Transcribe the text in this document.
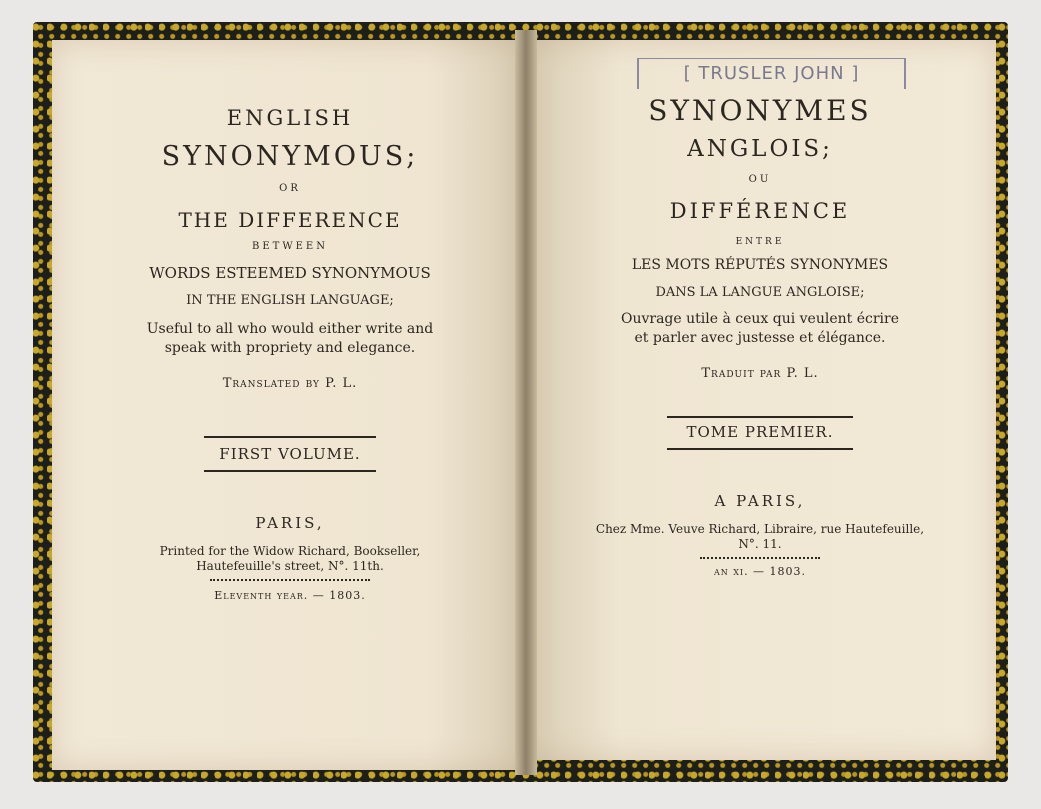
ENGLISH

SYNONYMOUS;

OR

THE DIFFERENCE

BETWEEN

WORDS ESTEEMED SYNONYMOUS

IN THE ENGLISH LANGUAGE;

Useful to all who would either write and

speak with propriety and elegance.

Translated by P. L.

FIRST VOLUME.

PARIS,

Printed for the Widow Richard, Bookseller,

Hautefeuille's street, N°. 11th.

Eleventh year. — 1803.

[ TRUSLER JOHN ]

SYNONYMES

ANGLOIS;

OU

DIFFÉRENCE

ENTRE

LES MOTS RÉPUTÉS SYNONYMES

DANS LA LANGUE ANGLOISE;

Ouvrage utile à ceux qui veulent écrire

et parler avec justesse et élégance.

Traduit par P. L.

TOME PREMIER.

A PARIS,

Chez Mme. Veuve Richard, Libraire, rue Hautefeuille,

N°. 11.

an xi. — 1803.
